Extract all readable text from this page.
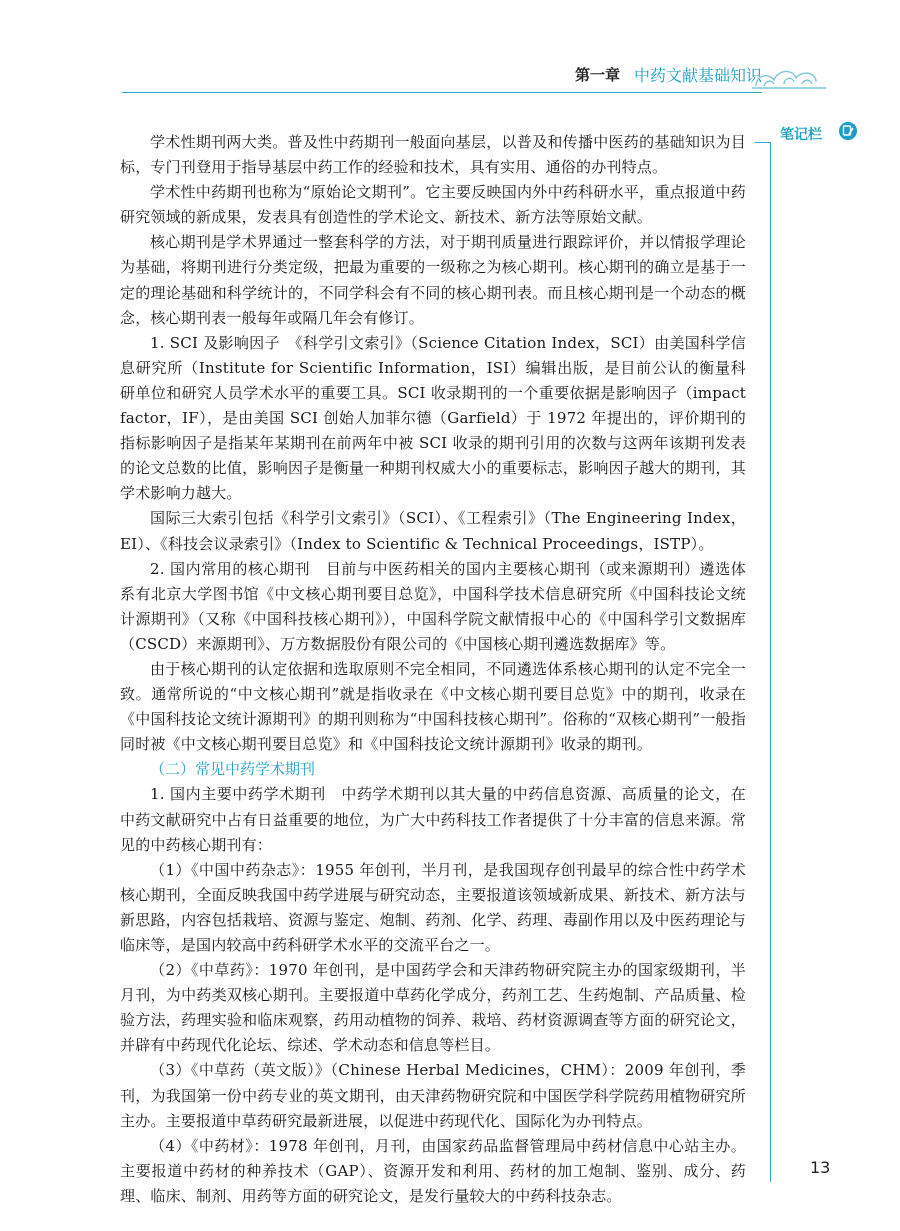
第一章 中药文献基础知识
笔记栏

学术性期刊两大类。普及性中药期刊一般面向基层，以普及和传播中医药的基础知识为目标，专门刊登用于指导基层中药工作的经验和技术，具有实用、通俗的办刊特点。

学术性中药期刊也称为“原始论文期刊”。它主要反映国内外中药科研水平，重点报道中药研究领域的新成果，发表具有创造性的学术论文、新技术、新方法等原始文献。

核心期刊是学术界通过一整套科学的方法，对于期刊质量进行跟踪评价，并以情报学理论为基础，将期刊进行分类定级，把最为重要的一级称之为核心期刊。核心期刊的确立是基于一定的理论基础和科学统计的，不同学科会有不同的核心期刊表。而且核心期刊是一个动态的概念，核心期刊表一般每年或隔几年会有修订。

1. SCI 及影响因子　《科学引文索引》（Science Citation Index，SCI）由美国科学信息研究所（Institute for Scientific Information，ISI）编辑出版，是目前公认的衡量科研单位和研究人员学术水平的重要工具。SCI 收录期刊的一个重要依据是影响因子（impact factor，IF），是由美国 SCI 创始人加菲尔德（Garfield）于 1972 年提出的，评价期刊的指标影响因子是指某年某期刊在前两年中被 SCI 收录的期刊引用的次数与这两年该期刊发表的论文总数的比值，影响因子是衡量一种期刊权威大小的重要标志，影响因子越大的期刊，其学术影响力越大。

国际三大索引包括《科学引文索引》（SCI）、《工程索引》（The Engineering Index，EI）、《科技会议录索引》（Index to Scientific & Technical Proceedings，ISTP）。

2. 国内常用的核心期刊　目前与中医药相关的国内主要核心期刊（或来源期刊）遴选体系有北京大学图书馆《中文核心期刊要目总览》，中国科学技术信息研究所《中国科技论文统计源期刊》（又称《中国科技核心期刊》），中国科学院文献情报中心的《中国科学引文数据库（CSCD）来源期刊》、万方数据股份有限公司的《中国核心期刊遴选数据库》等。

由于核心期刊的认定依据和选取原则不完全相同，不同遴选体系核心期刊的认定不完全一致。通常所说的“中文核心期刊”就是指收录在《中文核心期刊要目总览》中的期刊，收录在《中国科技论文统计源期刊》的期刊则称为“中国科技核心期刊”。俗称的“双核心期刊”一般指同时被《中文核心期刊要目总览》和《中国科技论文统计源期刊》收录的期刊。

（二）常见中药学术期刊

1. 国内主要中药学术期刊　中药学术期刊以其大量的中药信息资源、高质量的论文，在中药文献研究中占有日益重要的地位，为广大中药科技工作者提供了十分丰富的信息来源。常见的中药核心期刊有：

（1）《中国中药杂志》：1955 年创刊，半月刊，是我国现存创刊最早的综合性中药学术核心期刊，全面反映我国中药学进展与研究动态，主要报道该领域新成果、新技术、新方法与新思路，内容包括栽培、资源与鉴定、炮制、药剂、化学、药理、毒副作用以及中医药理论与临床等，是国内较高中药科研学术水平的交流平台之一。

（2）《中草药》：1970 年创刊，是中国药学会和天津药物研究院主办的国家级期刊，半月刊，为中药类双核心期刊。主要报道中草药化学成分，药剂工艺、生药炮制、产品质量、检验方法，药理实验和临床观察，药用动植物的饲养、栽培、药材资源调查等方面的研究论文，并辟有中药现代化论坛、综述、学术动态和信息等栏目。

（3）《中草药（英文版）》（Chinese Herbal Medicines，CHM）：2009 年创刊，季刊，为我国第一份中药专业的英文期刊，由天津药物研究院和中国医学科学院药用植物研究所主办。主要报道中草药研究最新进展，以促进中药现代化、国际化为办刊特点。

（4）《中药材》：1978 年创刊，月刊，由国家药品监督管理局中药材信息中心站主办。主要报道中药材的种养技术（GAP）、资源开发和利用、药材的加工炮制、鉴别、成分、药理、临床、制剂、用药等方面的研究论文，是发行量较大的中药科技杂志。

13
